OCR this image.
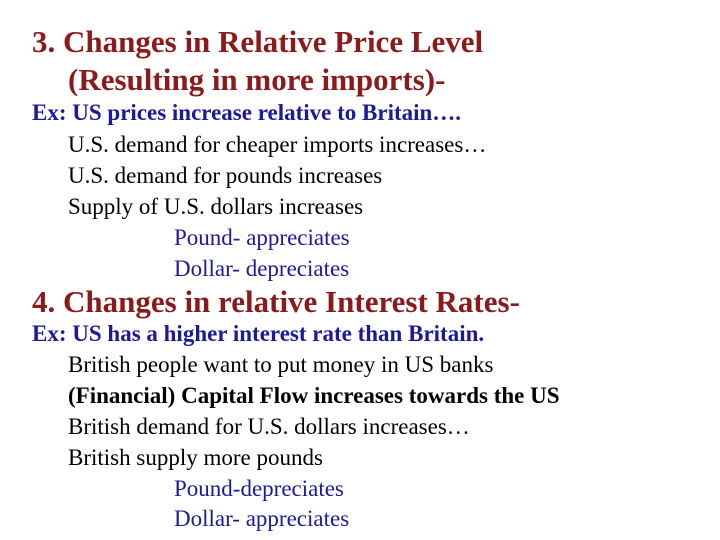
3. Changes in Relative Price Level
(Resulting in more imports)-
Ex: US prices increase relative to Britain….
U.S. demand for cheaper imports increases…
U.S. demand for pounds increases
Supply of U.S. dollars increases
Pound- appreciates
Dollar- depreciates
4. Changes in relative Interest Rates-
Ex: US has a higher interest rate than Britain.
British people want to put money in US banks
(Financial) Capital Flow increases towards the US
British demand for U.S. dollars increases…
British supply more pounds
Pound-depreciates
Dollar- appreciates
